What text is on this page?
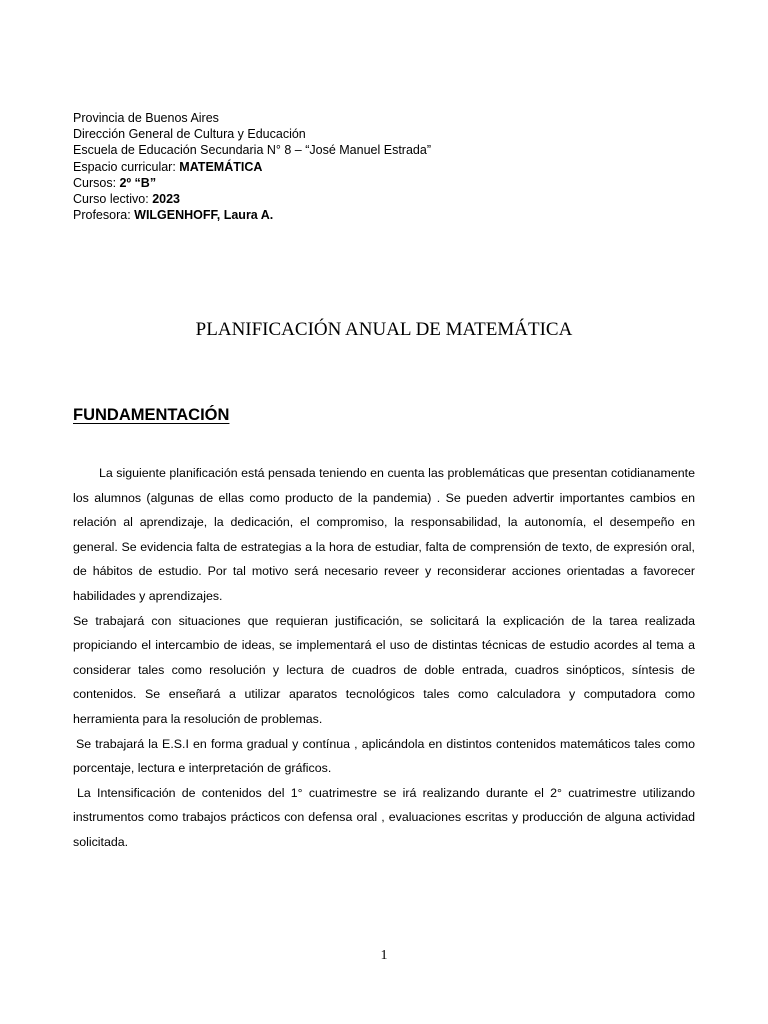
Provincia de Buenos Aires
Dirección General de Cultura y Educación
Escuela de Educación Secundaria N° 8 – “José Manuel Estrada”
Espacio curricular: MATEMÁTICA
Cursos: 2º “B”
Curso lectivo: 2023
Profesora: WILGENHOFF, Laura A.
PLANIFICACIÓN ANUAL DE MATEMÁTICA
FUNDAMENTACIÓN

La siguiente planificación está pensada teniendo en cuenta las problemáticas que presentan cotidianamente los alumnos (algunas de ellas como producto de la pandemia) . Se pueden advertir importantes cambios en relación al aprendizaje, la dedicación, el compromiso, la responsabilidad, la autonomía, el desempeño en general. Se evidencia falta de estrategias a la hora de estudiar, falta de comprensión de texto, de expresión oral, de hábitos de estudio. Por tal motivo será necesario reveer y reconsiderar acciones orientadas a favorecer habilidades y aprendizajes.

Se trabajará con situaciones que requieran justificación, se solicitará la explicación de la tarea realizada propiciando el intercambio de ideas, se implementará el uso de distintas técnicas de estudio acordes al tema a considerar tales como resolución y lectura de cuadros de doble entrada, cuadros sinópticos, síntesis de contenidos. Se enseñará a utilizar aparatos tecnológicos tales como calculadora y computadora como herramienta para la resolución de problemas.

Se trabajará la E.S.I en forma gradual y contínua , aplicándola en distintos contenidos matemáticos tales como porcentaje, lectura e interpretación de gráficos.

La Intensificación de contenidos del 1° cuatrimestre se irá realizando durante el 2° cuatrimestre utilizando instrumentos como trabajos prácticos con defensa oral , evaluaciones escritas y producción de alguna actividad solicitada.

1
